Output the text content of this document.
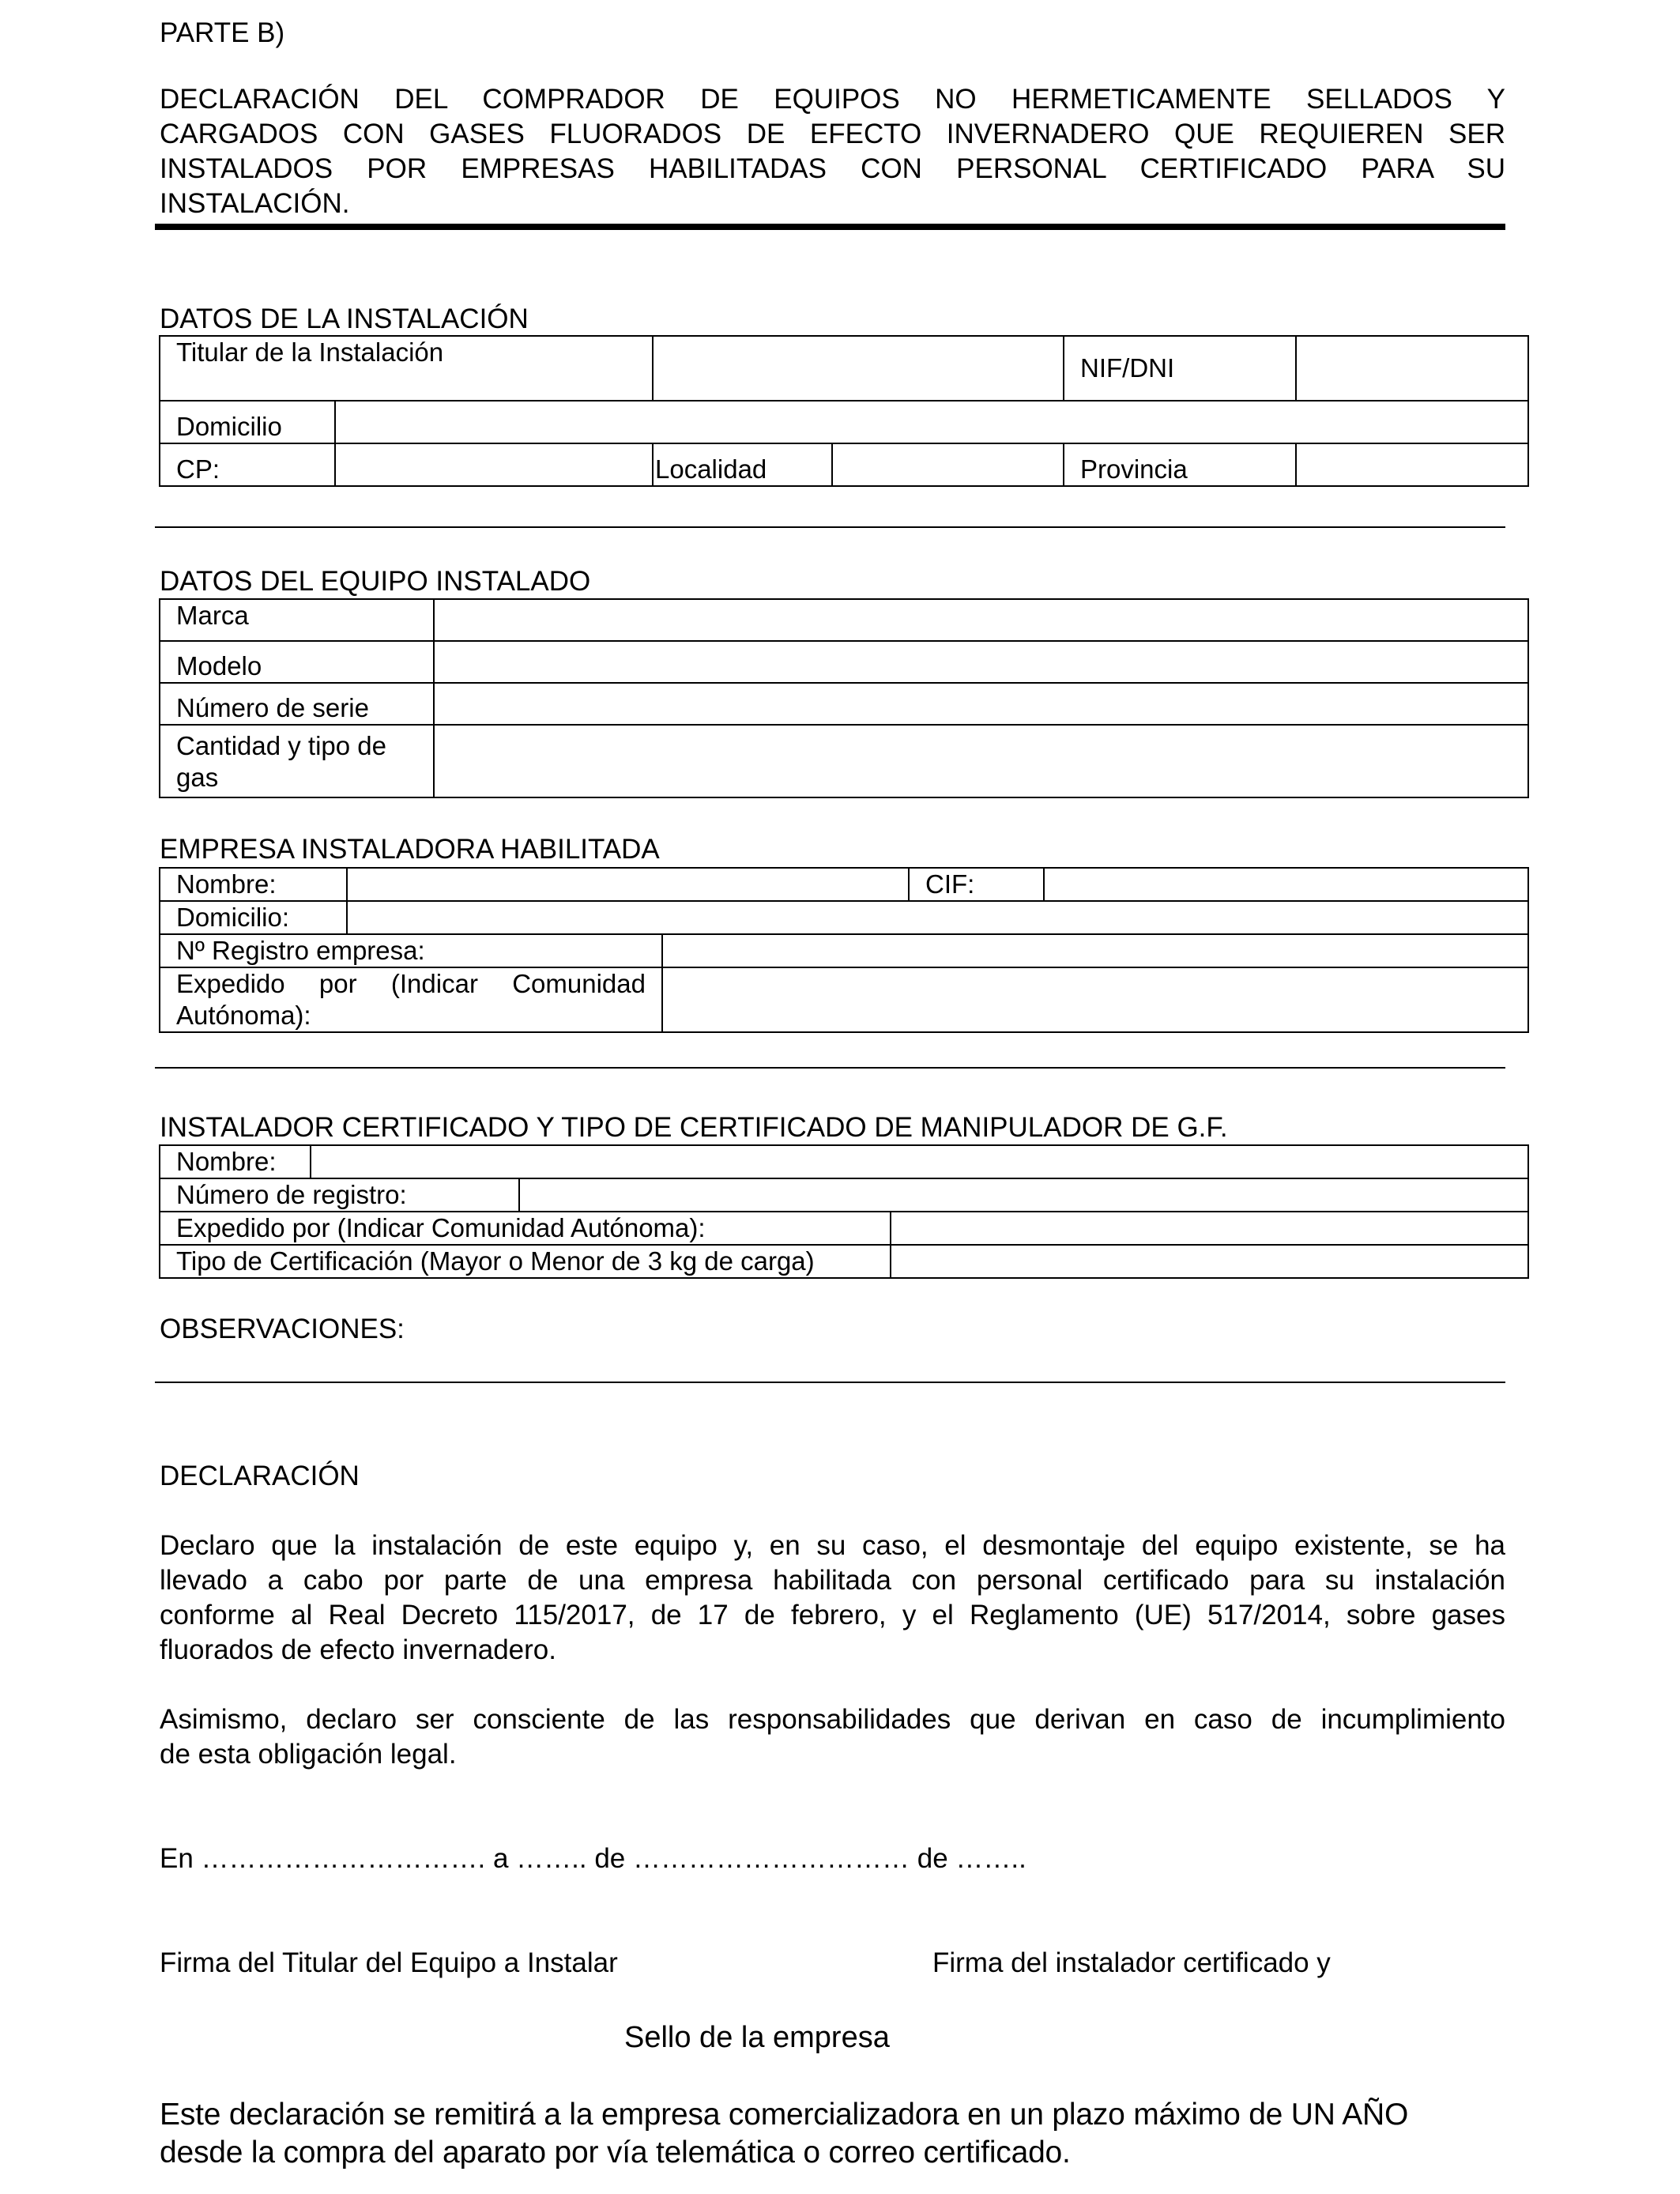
PARTE B)
DECLARACIÓN DEL COMPRADOR DE EQUIPOS NO HERMETICAMENTE SELLADOS Y
CARGADOS CON GASES FLUORADOS DE EFECTO INVERNADERO QUE REQUIEREN SER
INSTALADOS POR EMPRESAS HABILITADAS CON PERSONAL CERTIFICADO PARA SU
INSTALACIÓN.
DATOS DE LA INSTALACIÓN
Titular de la Instalación				NIF/DNI	
Domicilio					
CP:		Localidad		Provincia	
DATOS DEL EQUIPO INSTALADO
Marca	
Modelo	
Número de serie	

Cantidad y tipo de
gas	

EMPRESA INSTALADORA HABILITADA
Nombre:			CIF:	
Domicilio:				
Nº Registro empresa:				

Expedido por (Indicar Comunidad
Autónoma):				

INSTALADOR CERTIFICADO Y TIPO DE CERTIFICADO DE MANIPULADOR DE G.F.
Nombre:			
Número de registro:			
Expedido por (Indicar Comunidad Autónoma):			
Tipo de Certificación (Mayor o Menor de 3 kg de carga)			
OBSERVACIONES:
DECLARACIÓN
Declaro que la instalación de este equipo y, en su caso, el desmontaje del equipo existente, se ha
llevado a cabo por parte de una empresa habilitada con personal certificado para su instalación
conforme al Real Decreto 115/2017, de 17 de febrero, y el Reglamento (UE) 517/2014, sobre gases
fluorados de efecto invernadero.
Asimismo, declaro ser consciente de las responsabilidades que derivan en caso de incumplimiento
de esta obligación legal.
En …………………………. a …….. de ………………………… de ……..
Firma del Titular del Equipo a Instalar	Firma del instalador certificado y
Sello de la empresa
Este declaración se remitirá a la empresa comercializadora en un plazo máximo de UN AÑO
desde la compra del aparato por vía telemática o correo certificado.
